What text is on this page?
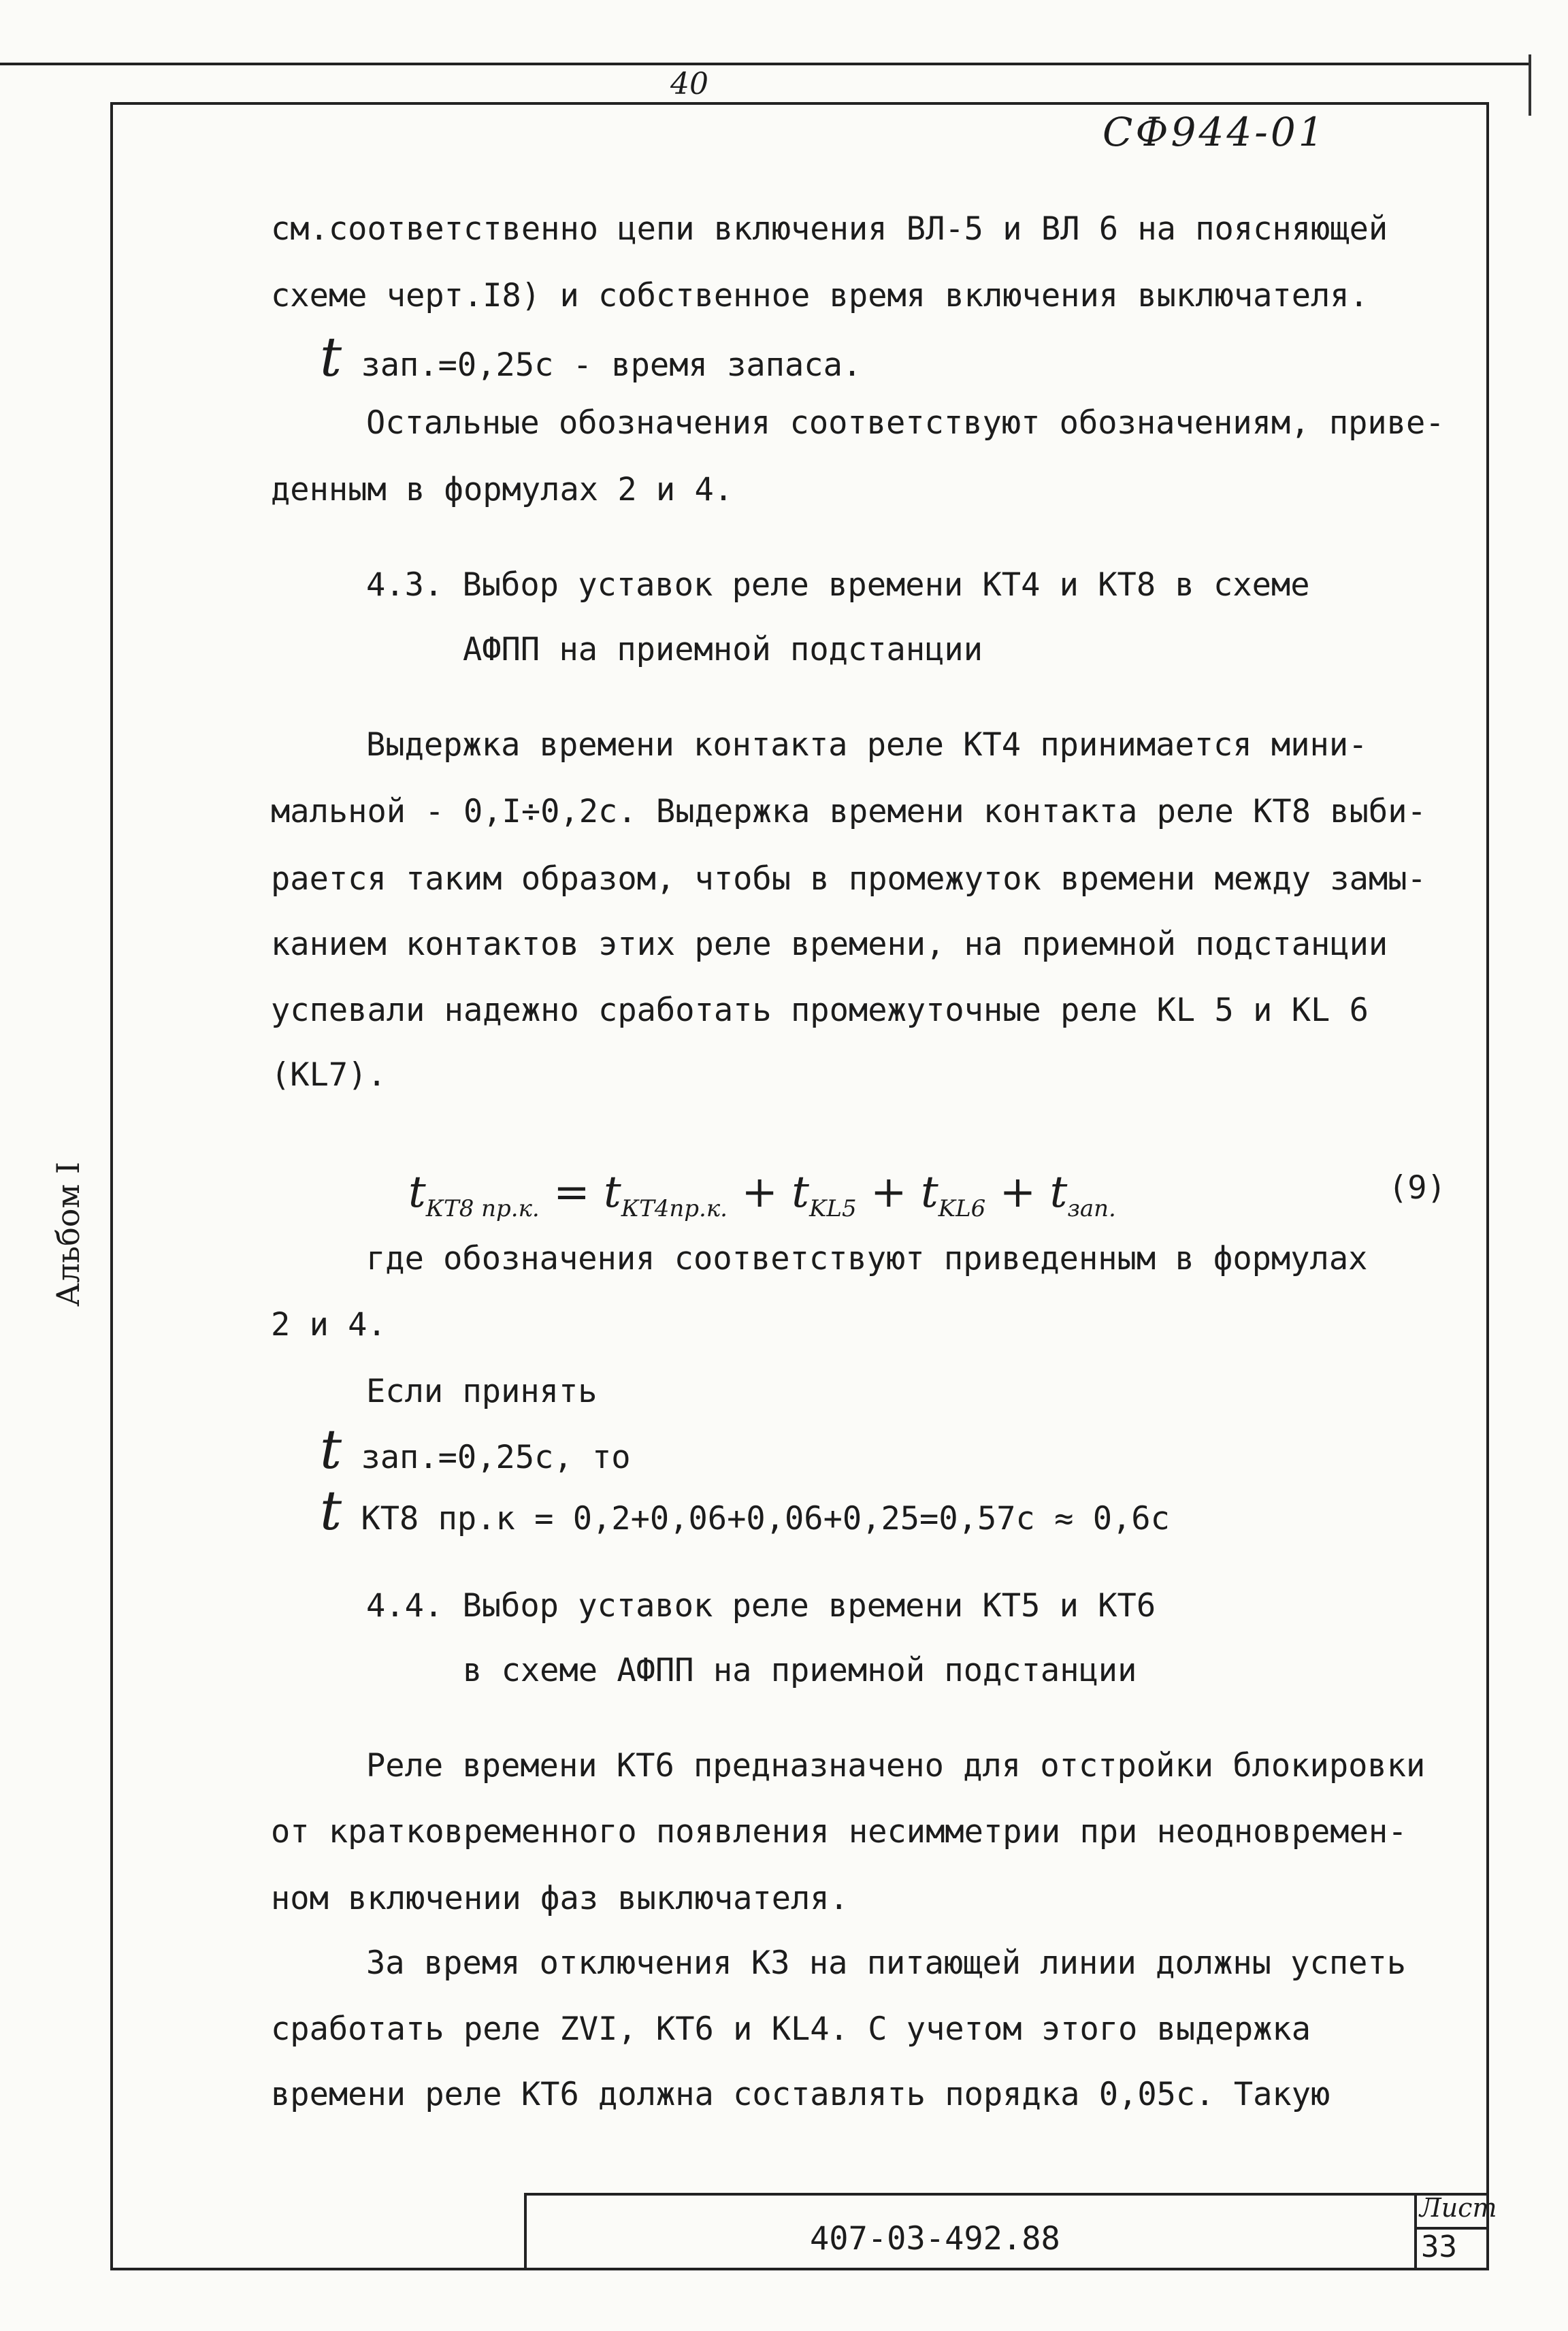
40
СФ944-01
Альбом I
см.соответственно цепи включения ВЛ-5 и ВЛ 6 на поясняющей
схеме черт.I8) и собственное время включения выключателя.
t зап.=0,25с - время запаса.
Остальные обозначения соответствуют обозначениям, приве-
денным в формулах 2 и 4.
4.3. Выбор уставок реле времени КТ4 и КТ8 в схеме
АФПП на приемной подстанции
Выдержка времени контакта реле КТ4 принимается мини-
мальной - 0,I÷0,2с. Выдержка времени контакта реле КТ8 выби-
рается таким образом, чтобы в промежуток времени между замы-
канием контактов этих реле времени, на приемной подстанции
успевали надежно сработать промежуточные реле КL 5 и КL 6
(КL7).
$t_{КТ8 пр.к.} = t_{КТ4пр.к.} + t_{KL5} + t_{KL6} + t_{зап.}$
(9)
где обозначения соответствуют приведенным в формулах
2 и 4.
Если принять
t зап.=0,25с, то
t КТ8 пр.к = 0,2+0,06+0,06+0,25=0,57с ≈ 0,6с
4.4. Выбор уставок реле времени КТ5 и КТ6
в схеме АФПП на приемной подстанции
Реле времени КТ6 предназначено для отстройки блокировки
от кратковременного появления несимметрии при неодновремен-
ном включении фаз выключателя.
За время отключения КЗ на питающей линии должны успеть
сработать реле ZVI, КТ6 и КL4. С учетом этого выдержка
времени реле КТ6 должна составлять порядка 0,05с. Такую
407-03-492.88
Лист
33
